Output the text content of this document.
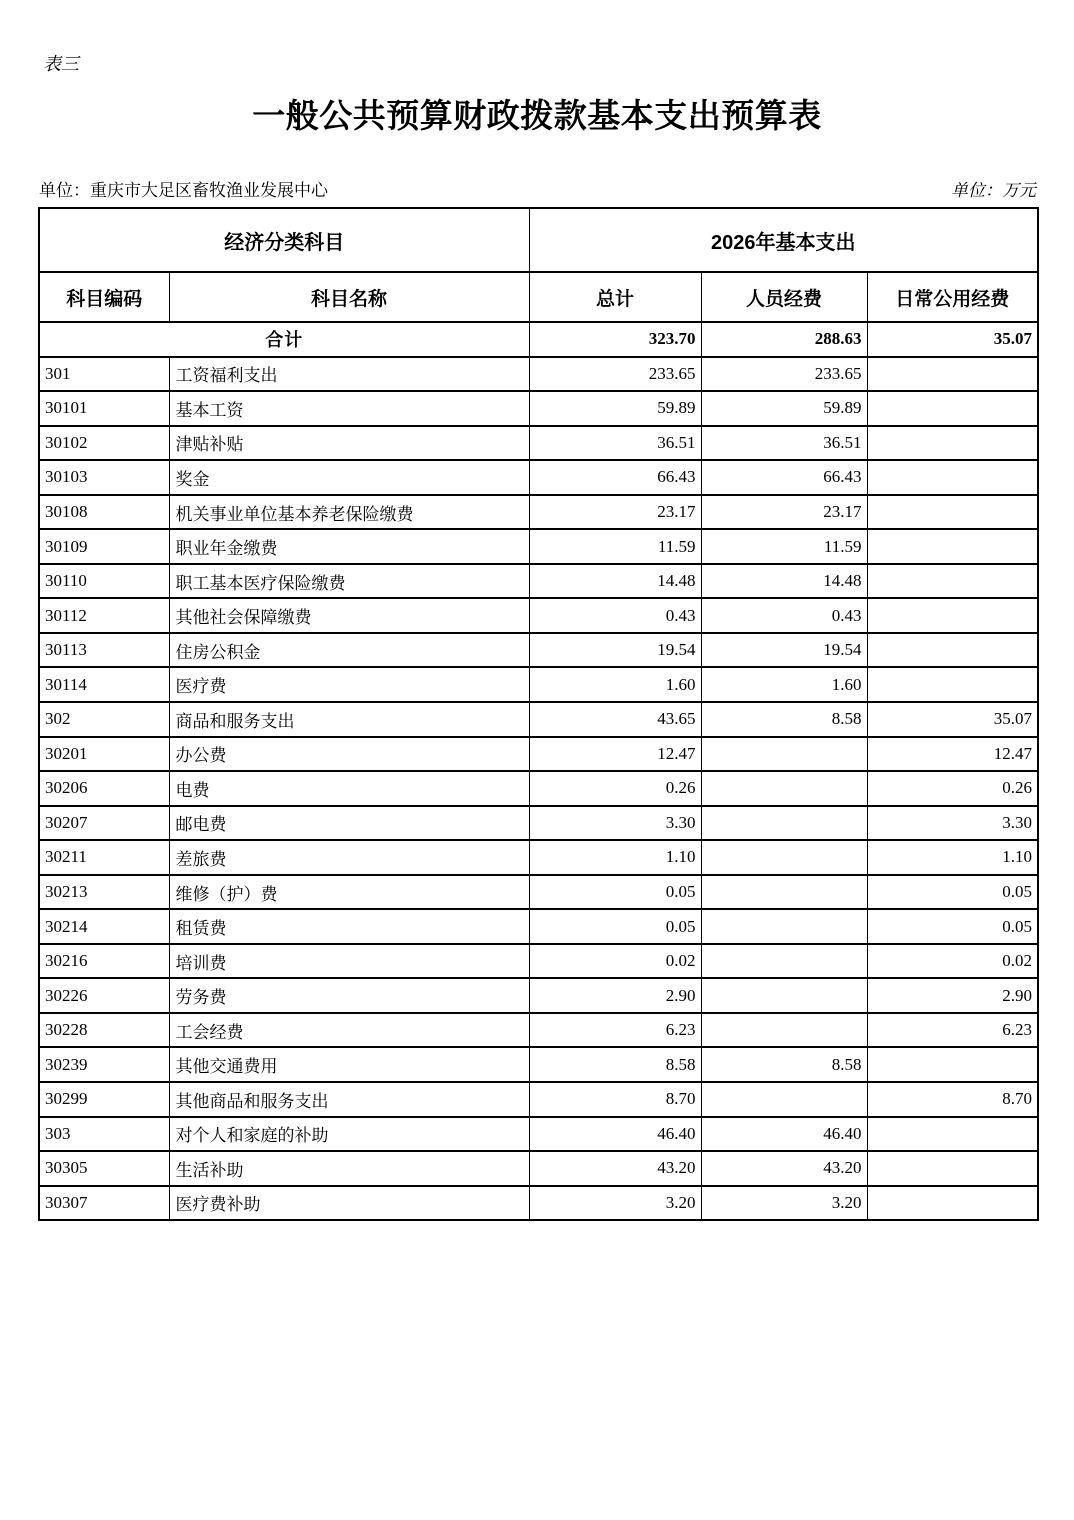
表三
一般公共预算财政拨款基本支出预算表
单位：重庆市大足区畜牧渔业发展中心	单位：万元
经济分类科目		2026年基本支出		
科目编码	科目名称	总计	人员经费	日常公用经费
合计		323.70	288.63	35.07
301	工资福利支出	233.65	233.65	
30101	基本工资	59.89	59.89	
30102	津贴补贴	36.51	36.51	
30103	奖金	66.43	66.43	
30108	机关事业单位基本养老保险缴费	23.17	23.17	
30109	职业年金缴费	11.59	11.59	
30110	职工基本医疗保险缴费	14.48	14.48	
30112	其他社会保障缴费	0.43	0.43	
30113	住房公积金	19.54	19.54	
30114	医疗费	1.60	1.60	
302	商品和服务支出	43.65	8.58	35.07
30201	办公费	12.47		12.47
30206	电费	0.26		0.26
30207	邮电费	3.30		3.30
30211	差旅费	1.10		1.10
30213	维修（护）费	0.05		0.05
30214	租赁费	0.05		0.05
30216	培训费	0.02		0.02
30226	劳务费	2.90		2.90
30228	工会经费	6.23		6.23
30239	其他交通费用	8.58	8.58	
30299	其他商品和服务支出	8.70		8.70
303	对个人和家庭的补助	46.40	46.40	
30305	生活补助	43.20	43.20	
30307	医疗费补助	3.20	3.20	
